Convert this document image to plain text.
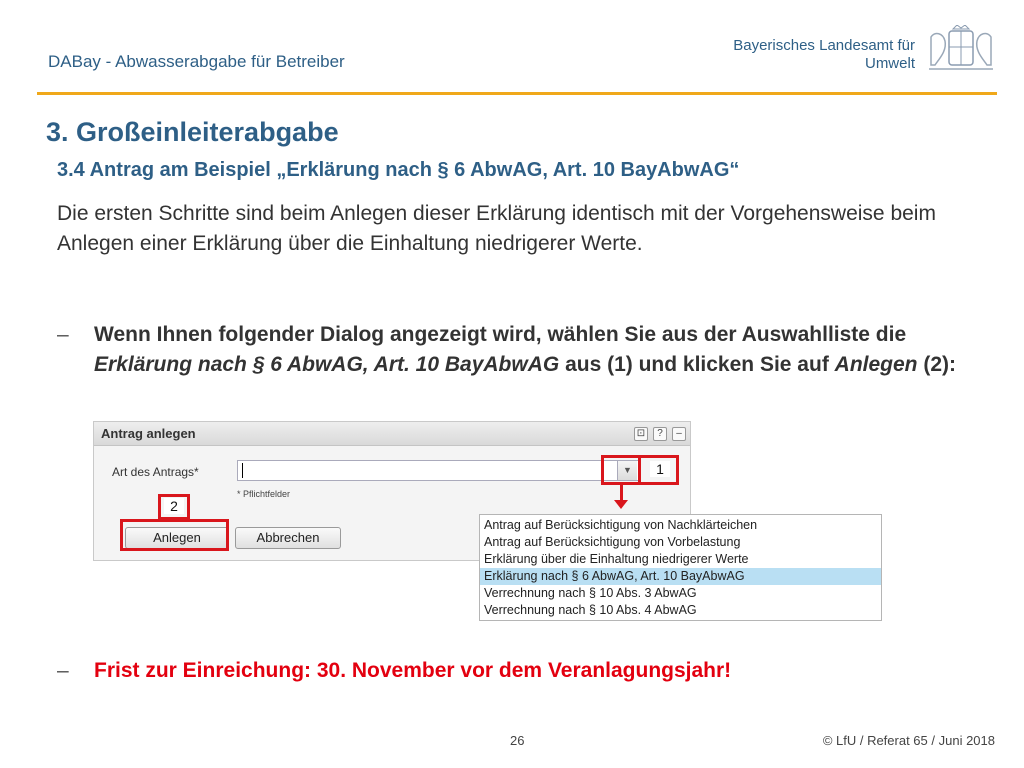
DABay - Abwasserabgabe für Betreiber
Bayerisches Landesamt für
Umwelt
3. Großeinleiterabgabe
3.4 Antrag am Beispiel „Erklärung nach § 6 AbwAG, Art. 10 BayAbwAG“
Die ersten Schritte sind beim Anlegen dieser Erklärung identisch mit der Vorgehensweise beim Anlegen einer Erklärung über die Einhaltung niedrigerer Werte.
– Wenn Ihnen folgender Dialog angezeigt wird, wählen Sie aus der Auswahlliste die Erklärung nach § 6 AbwAG, Art. 10 BayAbwAG aus (1) und klicken Sie auf Anlegen (2):
Antrag anlegen	⊡	?	–
Art des Antrags*	▼
* Pflichtfelder
Anlegen	Abbrechen
1
2
Antrag auf Berücksichtigung von Nachklärteichen
Antrag auf Berücksichtigung von Vorbelastung
Erklärung über die Einhaltung niedrigerer Werte
Erklärung nach § 6 AbwAG, Art. 10 BayAbwAG
Verrechnung nach § 10 Abs. 3 AbwAG
Verrechnung nach § 10 Abs. 4 AbwAG
– Frist zur Einreichung: 30. November vor dem Veranlagungsjahr!
26	© LfU / Referat 65 / Juni 2018
